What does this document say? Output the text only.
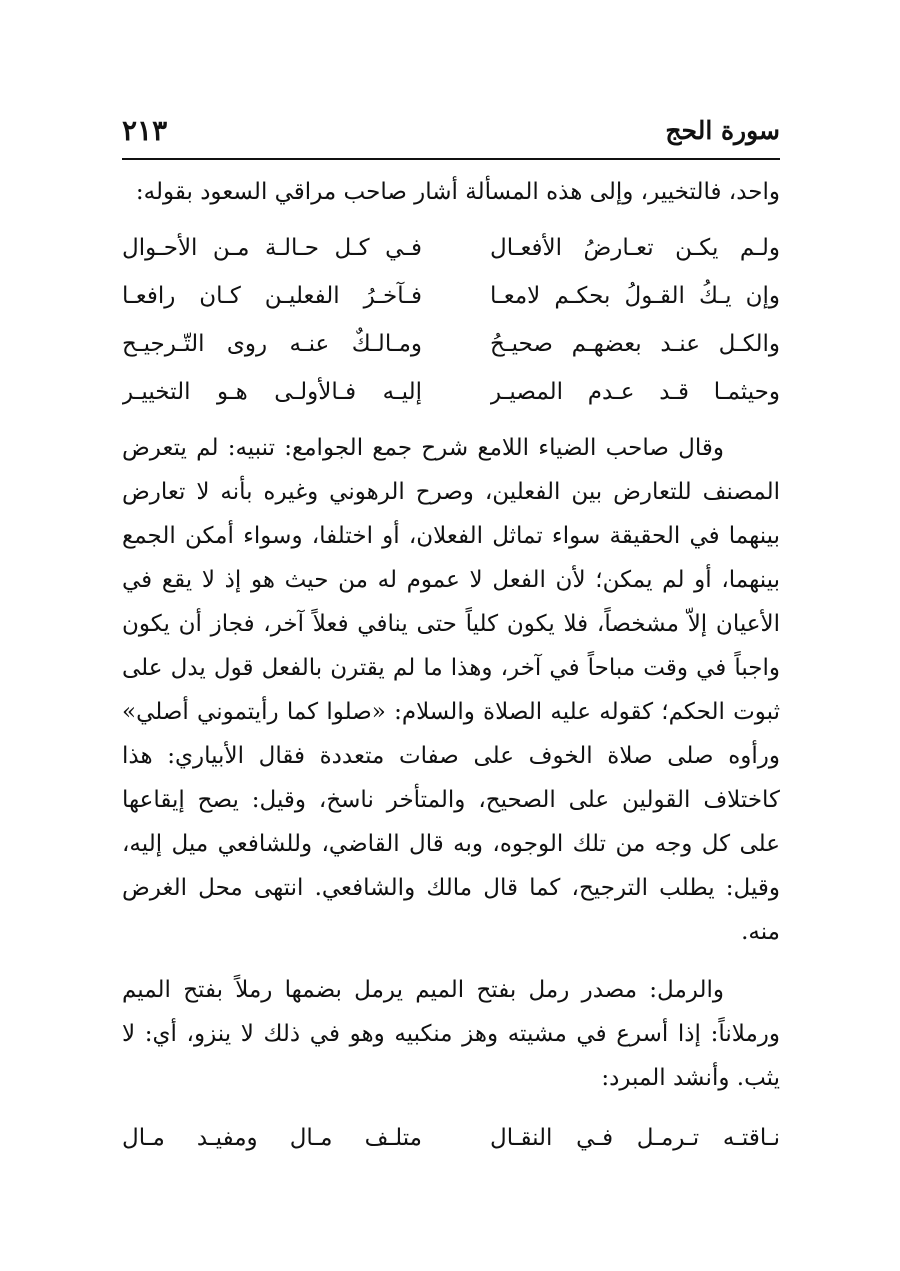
سورة الحج
٢١٣

واحد، فالتخيير، وإلى هذه المسألة أشار صاحب مراقي السعود بقوله:

ولـم يكـن تعـارضُ الأفعـال
فـي كـل حـالـة مـن الأحـوال
وإن يـكُ القـولُ بحكـم لامعـا
فـآخـرُ الفعليـن كـان رافعـا
والكـل عنـد بعضهـم صحيـحُ
ومـالـكٌ عنـه روى التّـرجيـح
وحيثمـا قـد عـدم المصيـر
إليـه فـالأولـى هـو التخييـر

وقال صاحب الضياء اللامع شرح جمع الجوامع: تنبيه: لم يتعرض المصنف للتعارض بين الفعلين، وصرح الرهوني وغيره بأنه لا تعارض بينهما في الحقيقة سواء تماثل الفعلان، أو اختلفا، وسواء أمكن الجمع بينهما، أو لم يمكن؛ لأن الفعل لا عموم له من حيث هو إذ لا يقع في الأعيان إلاّ مشخصاً، فلا يكون كلياً حتى ينافي فعلاً آخر، فجاز أن يكون واجباً في وقت مباحاً في آخر، وهذا ما لم يقترن بالفعل قول يدل على ثبوت الحكم؛ كقوله عليه الصلاة والسلام: «صلوا كما رأيتموني أصلي» ورأوه صلى صلاة الخوف على صفات متعددة فقال الأبياري: هذا كاختلاف القولين على الصحيح، والمتأخر ناسخ، وقيل: يصح إيقاعها على كل وجه من تلك الوجوه، وبه قال القاضي، وللشافعي ميل إليه، وقيل: يطلب الترجيح، كما قال مالك والشافعي. انتهى محل الغرض منه.

والرمل: مصدر رمل بفتح الميم يرمل بضمها رملاً بفتح الميم ورملاناً: إذا أسرع في مشيته وهز منكبيه وهو في ذلك لا ينزو، أي: لا يثب. وأنشد المبرد:

نـاقتـه تـرمـل فـي النقـال
متلـف مـال ومفيـد مـال
